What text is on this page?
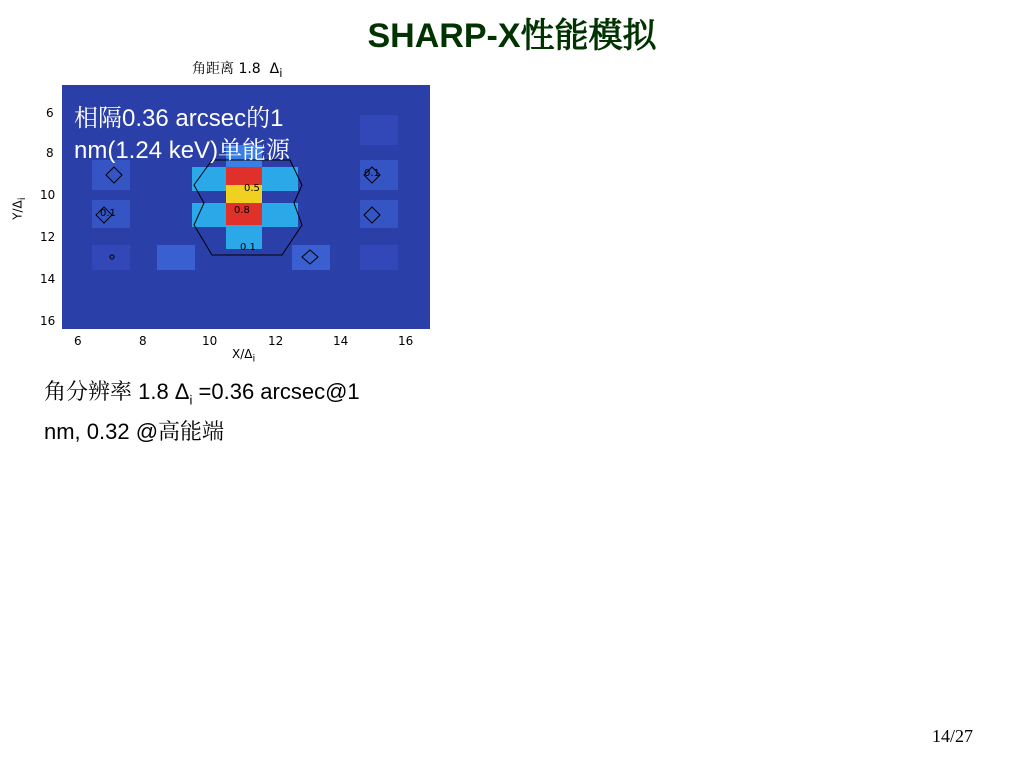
SHARP-X性能模拟
角距离 1.8 $\Delta_i$
0.5
0.8
0.1
0.1
0.1
相隔0.36 arcsec的1
nm(1.24 keV)单能源
6
8
10
12
14
16
6	8	10	12	14	16
$X/\Delta_i$
$Y/\Delta_i$
角分辨率 1.8 $\Delta_i =0.36$ arcsec@1
nm, 0.32 @高能端
14/27
